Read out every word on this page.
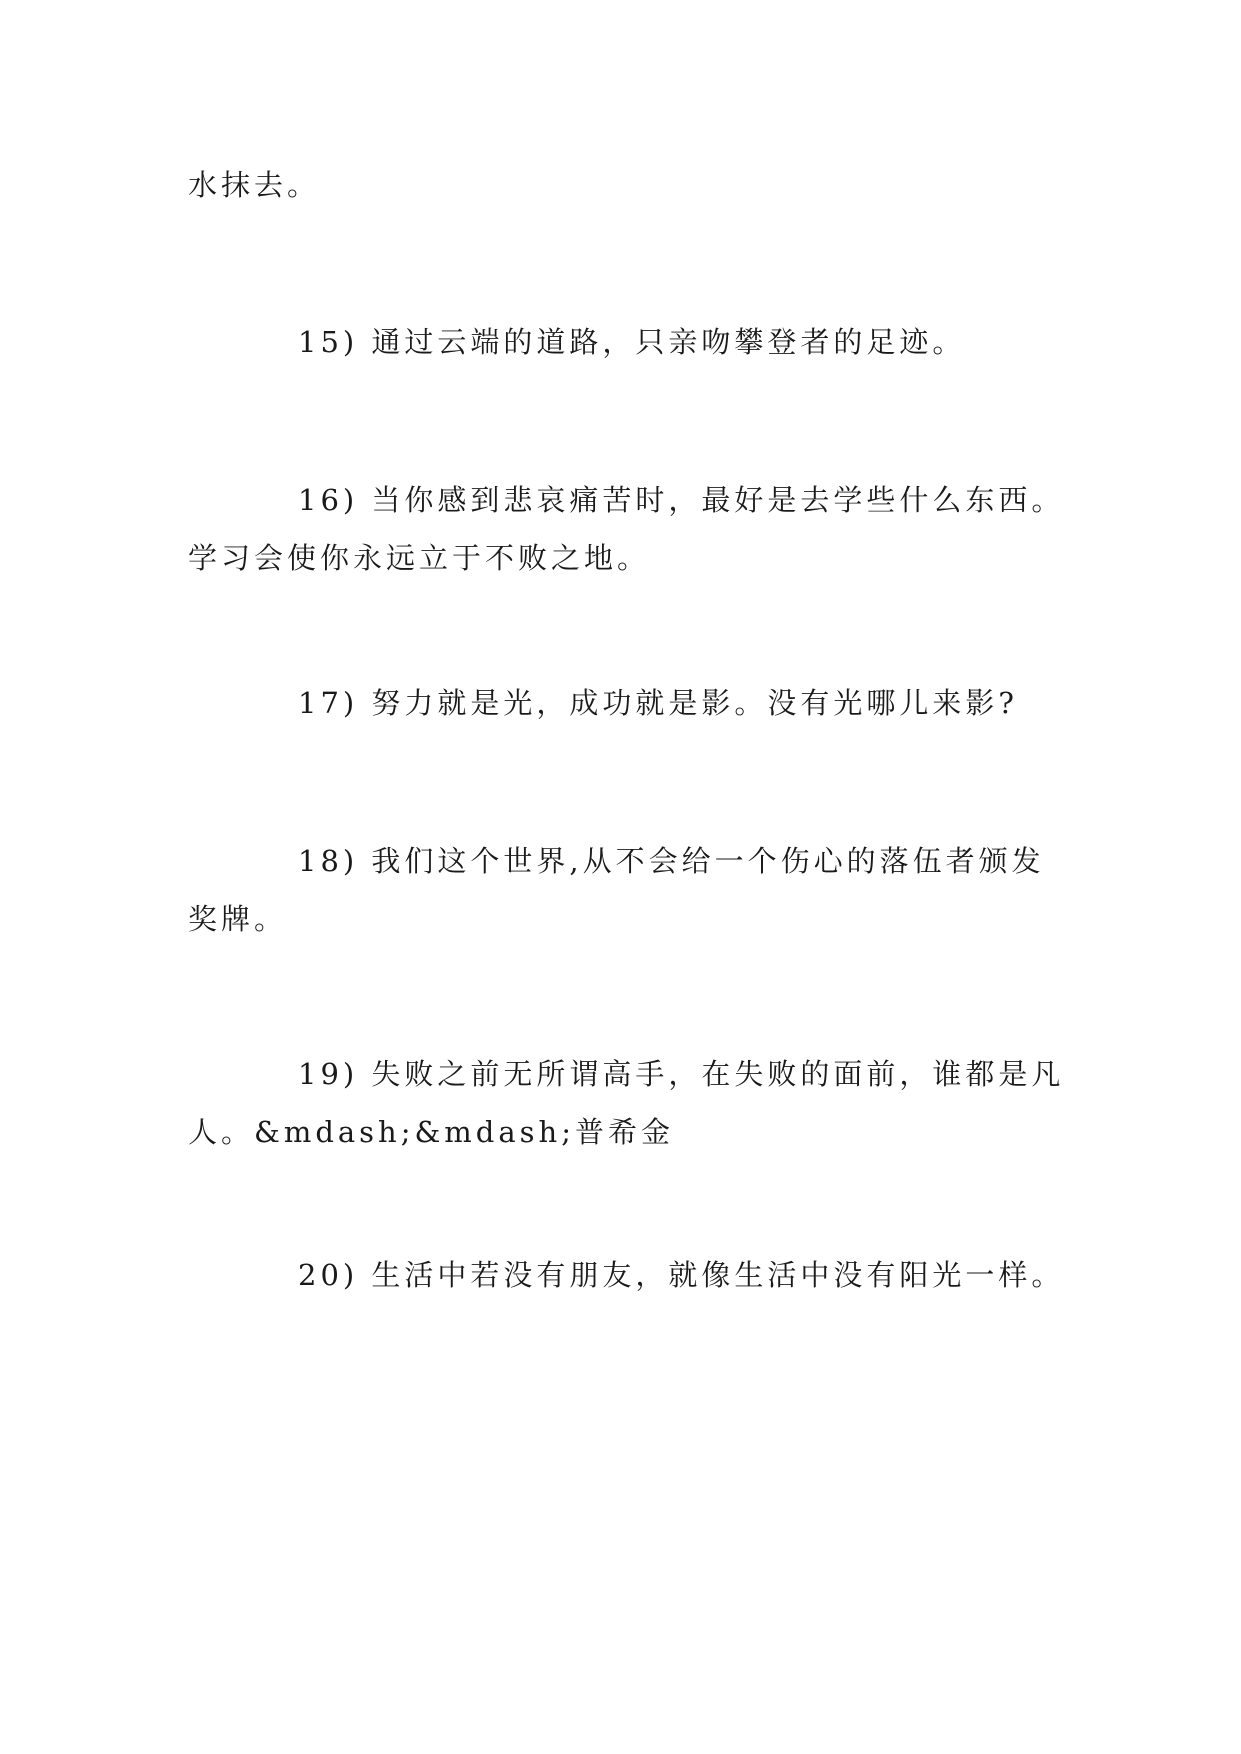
水抹去。

15) 通过云端的道路，只亲吻攀登者的足迹。

16) 当你感到悲哀痛苦时，最好是去学些什么东西。
学习会使你永远立于不败之地。

17) 努力就是光，成功就是影。没有光哪儿来影?

18) 我们这个世界,从不会给一个伤心的落伍者颁发
奖牌。

19) 失败之前无所谓高手，在失败的面前，谁都是凡
人。&mdash;&mdash;普希金

20) 生活中若没有朋友，就像生活中没有阳光一样。
